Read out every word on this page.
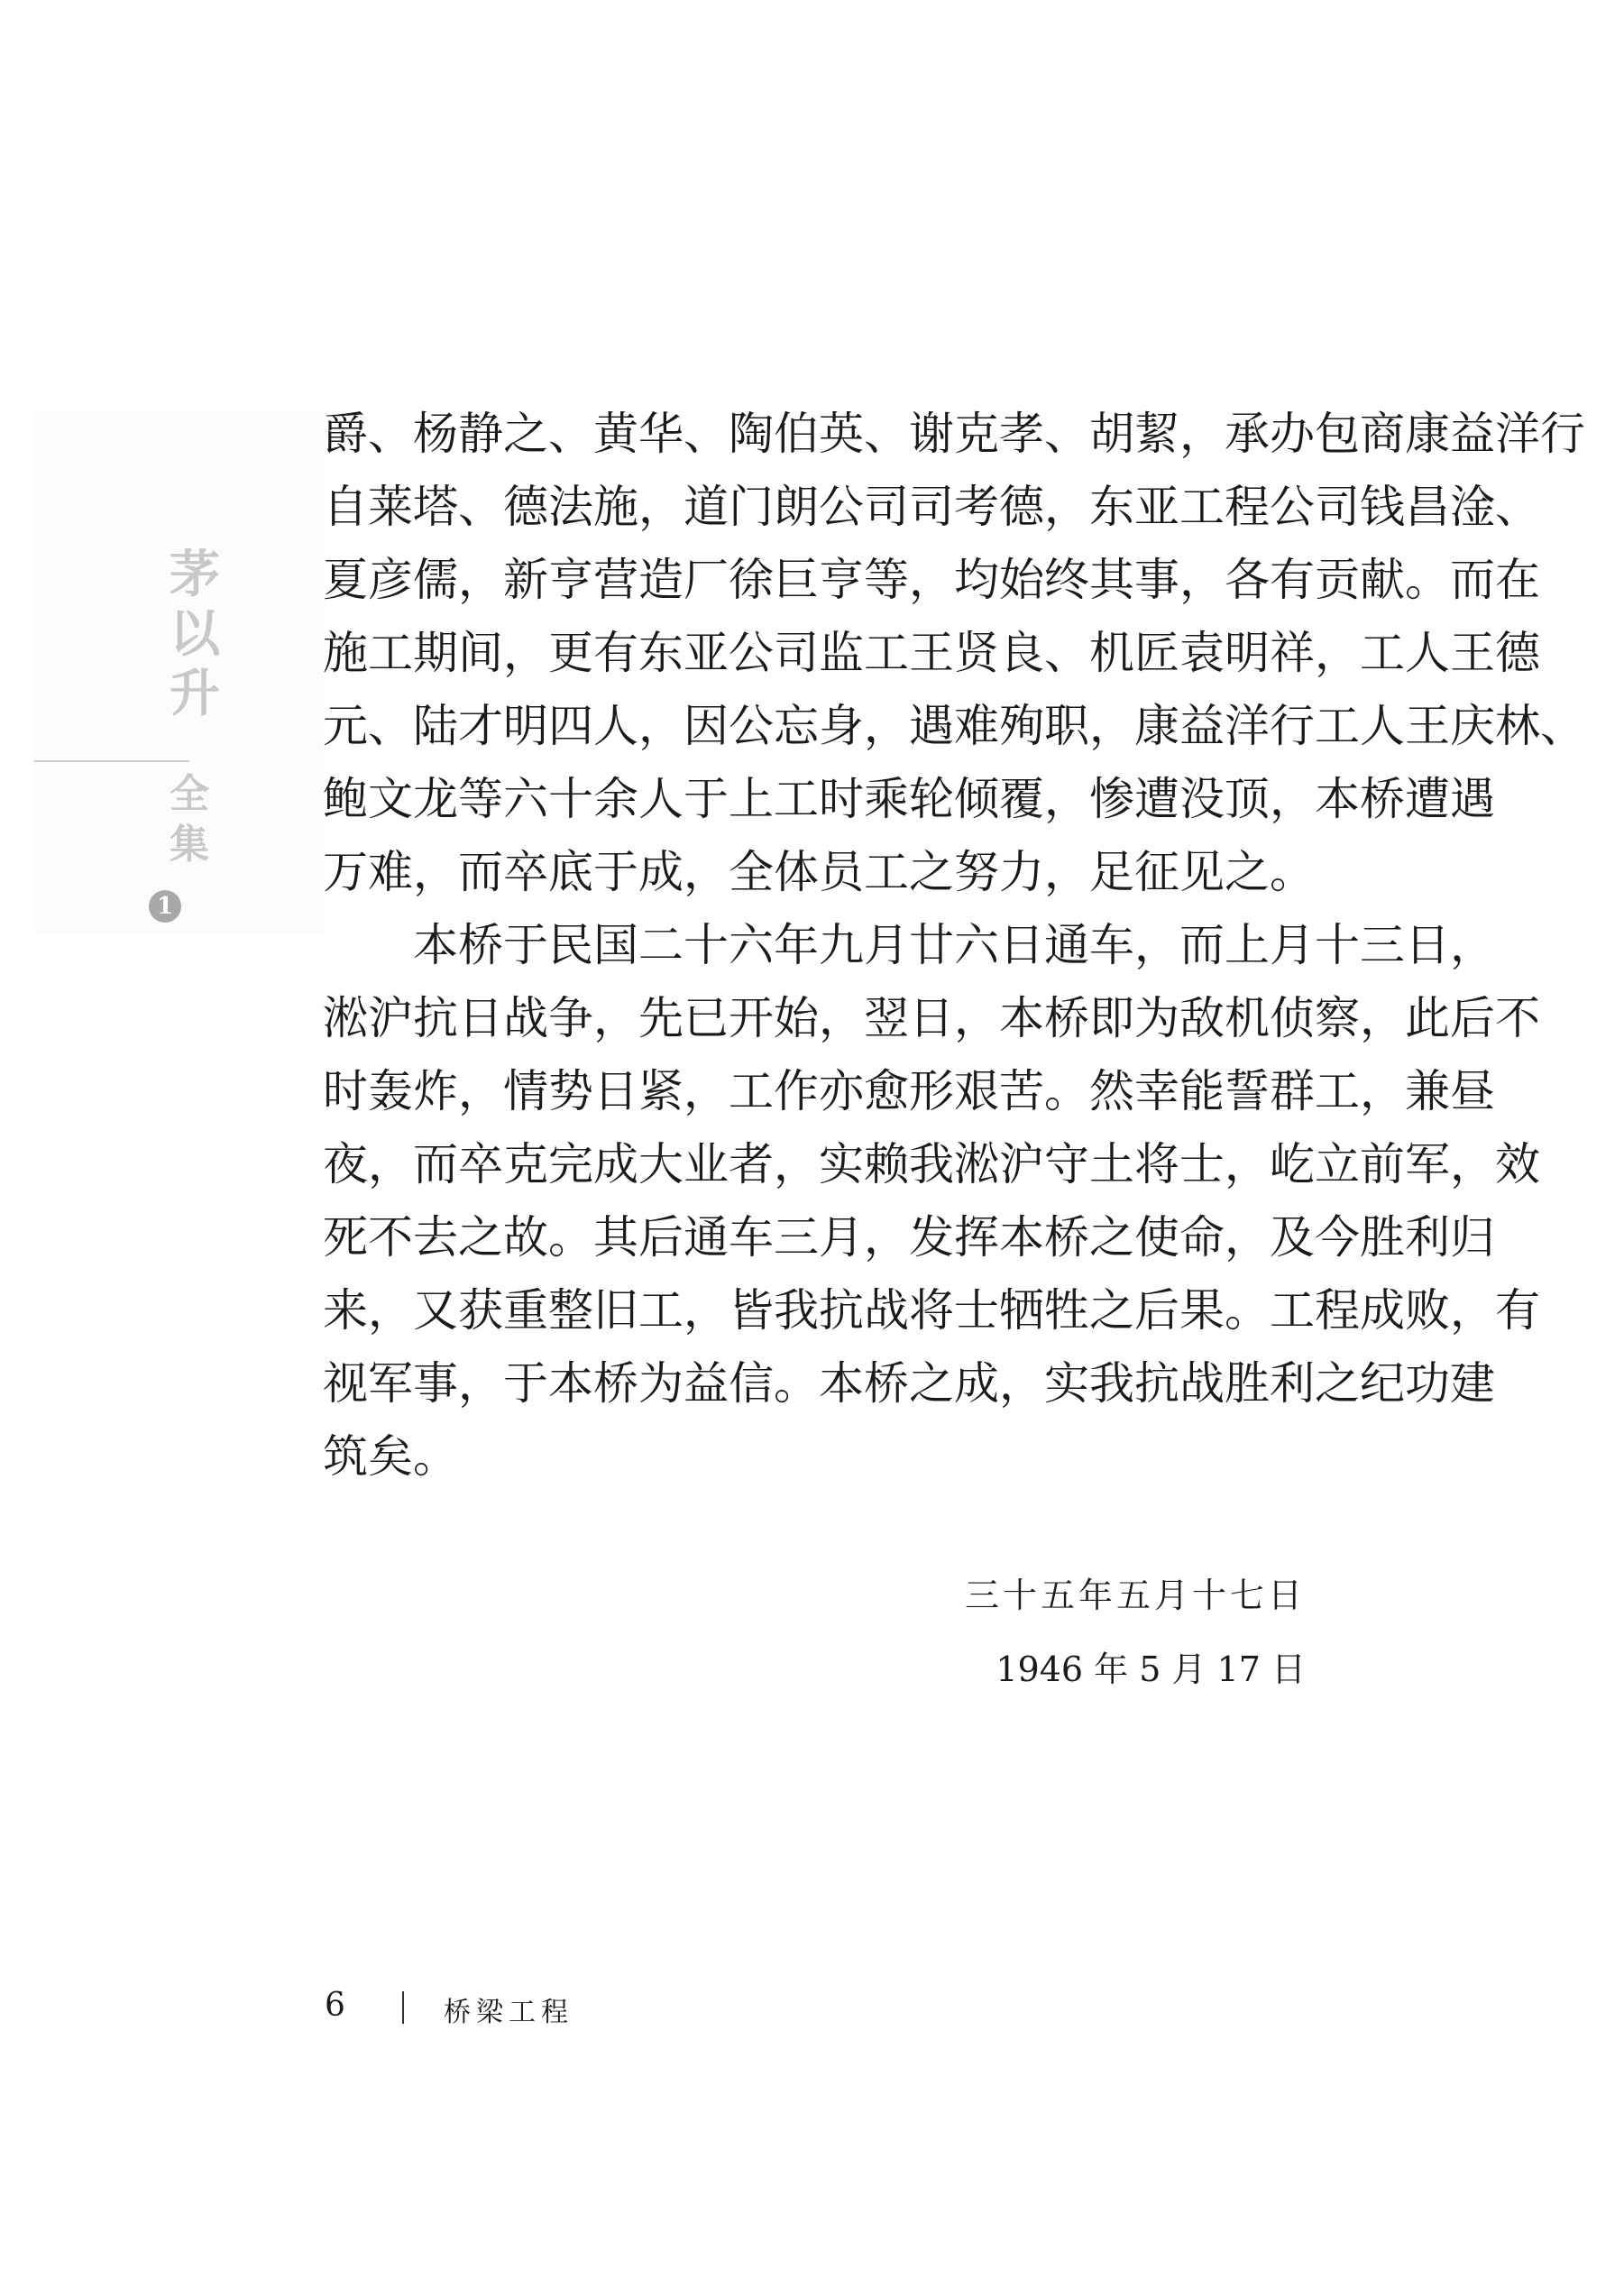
茅
以
升
全
集
1
爵、杨静之、黄华、陶伯英、谢克孝、胡絜，承办包商康益洋行
自莱塔、德法施，道门朗公司司考德，东亚工程公司钱昌淦、
夏彦儒，新亨营造厂徐巨亨等，均始终其事，各有贡献。而在
施工期间，更有东亚公司监工王贤良、机匠袁明祥，工人王德
元、陆才明四人，因公忘身，遇难殉职，康益洋行工人王庆林、
鲍文龙等六十余人于上工时乘轮倾覆，惨遭没顶，本桥遭遇
万难，而卒底于成，全体员工之努力，足征见之。
本桥于民国二十六年九月廿六日通车，而上月十三日，
淞沪抗日战争，先已开始，翌日，本桥即为敌机侦察，此后不
时轰炸，情势日紧，工作亦愈形艰苦。然幸能誓群工，兼昼
夜，而卒克完成大业者，实赖我淞沪守土将士，屹立前军，效
死不去之故。其后通车三月，发挥本桥之使命，及今胜利归
来，又获重整旧工，皆我抗战将士牺牲之后果。工程成败，有
视军事，于本桥为益信。本桥之成，实我抗战胜利之纪功建
筑矣。
三十五年五月十七日
1946 年 5 月 17 日
6	桥梁工程
